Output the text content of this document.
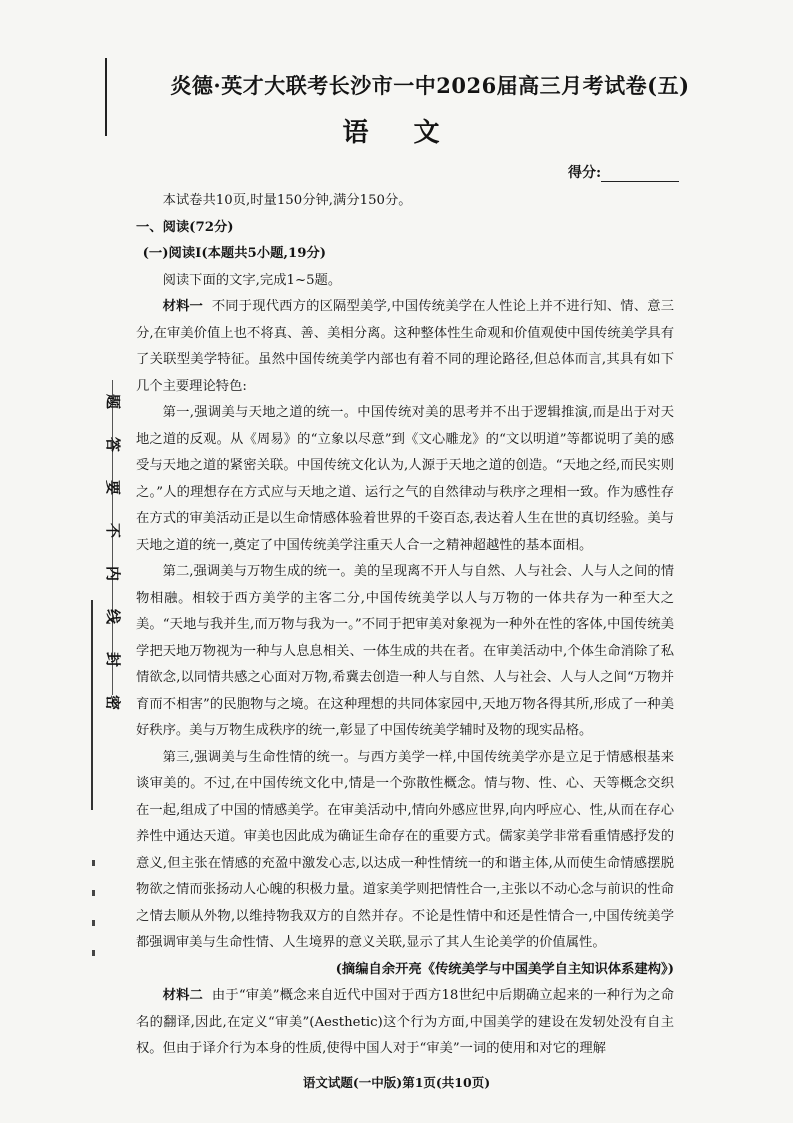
题
答
要
不
内
线
封
密
炎德·英才大联考长沙市一中2026届高三月考试卷(五)
语 文
得分:
本试卷共10页,时量150分钟,满分150分。
一、阅读(72分)
(一)阅读Ⅰ(本题共5小题,19分)
阅读下面的文字,完成1~5题。
材料一 不同于现代西方的区隔型美学,中国传统美学在人性论上并不进行知、情、意三分,在审美价值上也不将真、善、美相分离。这种整体性生命观和价值观使中国传统美学具有了关联型美学特征。虽然中国传统美学内部也有着不同的理论路径,但总体而言,其具有如下几个主要理论特色:
第一,强调美与天地之道的统一。中国传统对美的思考并不出于逻辑推演,而是出于对天地之道的反观。从《周易》的“立象以尽意”到《文心雕龙》的“文以明道”等都说明了美的感受与天地之道的紧密关联。中国传统文化认为,人源于天地之道的创造。“天地之经,而民实则之。”人的理想存在方式应与天地之道、运行之气的自然律动与秩序之理相一致。作为感性存在方式的审美活动正是以生命情感体验着世界的千姿百态,表达着人生在世的真切经验。美与天地之道的统一,奠定了中国传统美学注重天人合一之精神超越性的基本面相。
第二,强调美与万物生成的统一。美的呈现离不开人与自然、人与社会、人与人之间的情物相融。相较于西方美学的主客二分,中国传统美学以人与万物的一体共存为一种至大之美。“天地与我并生,而万物与我为一。”不同于把审美对象视为一种外在性的客体,中国传统美学把天地万物视为一种与人息息相关、一体生成的共在者。在审美活动中,个体生命消除了私情欲念,以同情共感之心面对万物,希冀去创造一种人与自然、人与社会、人与人之间“万物并育而不相害”的民胞物与之境。在这种理想的共同体家园中,天地万物各得其所,形成了一种美好秩序。美与万物生成秩序的统一,彰显了中国传统美学辅时及物的现实品格。
第三,强调美与生命性情的统一。与西方美学一样,中国传统美学亦是立足于情感根基来谈审美的。不过,在中国传统文化中,情是一个弥散性概念。情与物、性、心、天等概念交织在一起,组成了中国的情感美学。在审美活动中,情向外感应世界,向内呼应心、性,从而在存心养性中通达天道。审美也因此成为确证生命存在的重要方式。儒家美学非常看重情感抒发的意义,但主张在情感的充盈中激发心志,以达成一种性情统一的和谐主体,从而使生命情感摆脱物欲之情而张扬动人心魄的积极力量。道家美学则把情性合一,主张以不动心念与前识的性命之情去顺从外物,以维持物我双方的自然并存。不论是性情中和还是性情合一,中国传统美学都强调审美与生命性情、人生境界的意义关联,显示了其人生论美学的价值属性。
(摘编自余开亮《传统美学与中国美学自主知识体系建构》)
材料二 由于“审美”概念来自近代中国对于西方18世纪中后期确立起来的一种行为之命名的翻译,因此,在定义“审美”(Aesthetic)这个行为方面,中国美学的建设在发轫处没有自主权。但由于译介行为本身的性质,使得中国人对于“审美”一词的使用和对它的理解
语文试题(一中版)第1页(共10页)
